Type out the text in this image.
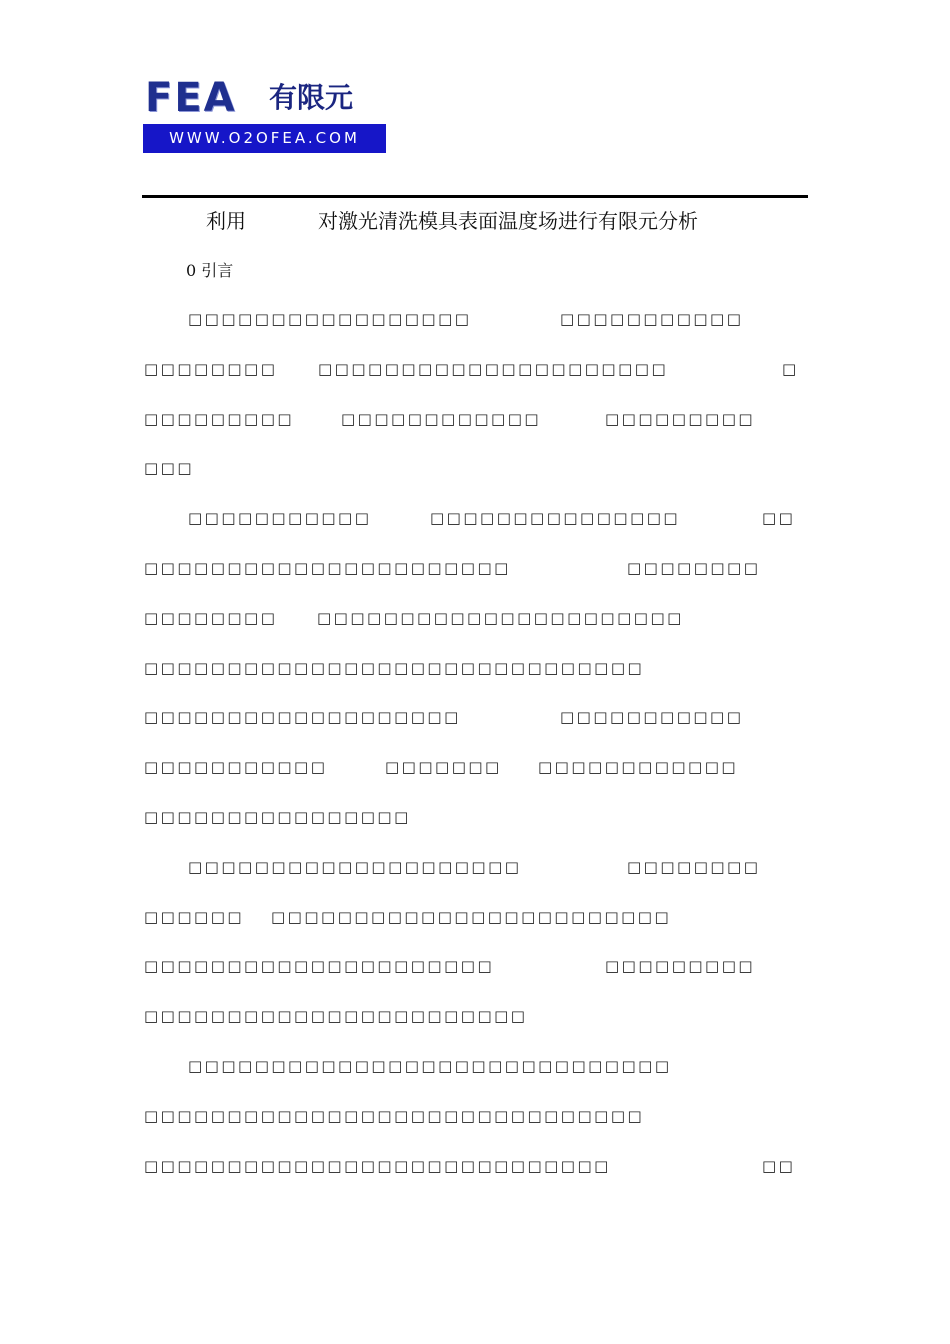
FEA 有限元
WWW.O2OFEA.COM
利用	对激光清洗模具表面温度场进行有限元分析
0 引言
□□□□□□□□□□□□□□□□□	□□□□□□□□□□□
□□□□□□□□	□□□□□□□□□□□□□□□□□□□□□	□
□□□□□□□□□	□□□□□□□□□□□□	□□□□□□□□□
□□□
□□□□□□□□□□□	□□□□□□□□□□□□□□□	□□
□□□□□□□□□□□□□□□□□□□□□□	□□□□□□□□
□□□□□□□□	□□□□□□□□□□□□□□□□□□□□□□
□□□□□□□□□□□□□□□□□□□□□□□□□□□□□□
□□□□□□□□□□□□□□□□□□□	□□□□□□□□□□□
□□□□□□□□□□□	□□□□□□□ □□□□□□□□□□□□
□□□□□□□□□□□□□□□□
□□□□□□□□□□□□□□□□□□□□	□□□□□□□□
□□□□□□ □□□□□□□□□□□□□□□□□□□□□□□□
□□□□□□□□□□□□□□□□□□□□□	□□□□□□□□□
□□□□□□□□□□□□□□□□□□□□□□□
□□□□□□□□□□□□□□□□□□□□□□□□□□□□□
□□□□□□□□□□□□□□□□□□□□□□□□□□□□□□
□□□□□□□□□□□□□□□□□□□□□□□□□□□□	□□
